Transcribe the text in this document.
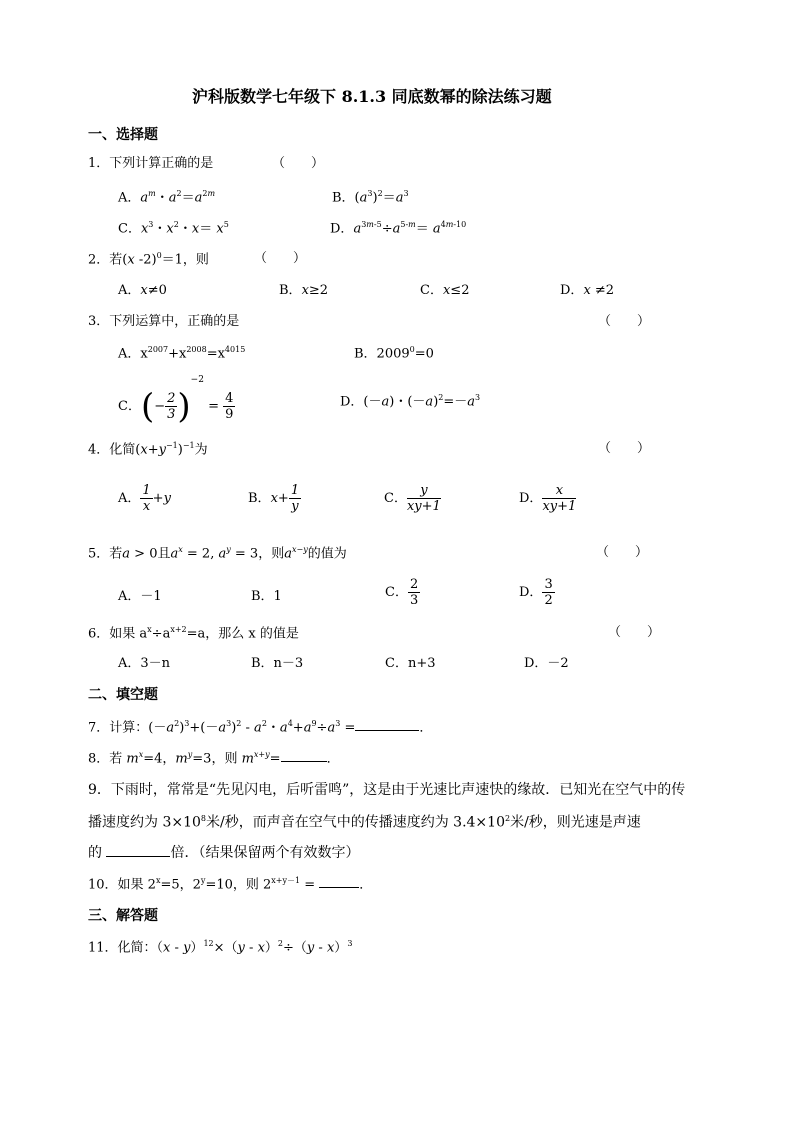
沪科版数学七年级下 8.1.3 同底数幂的除法练习题
一、选择题
1．下列计算正确的是	（　　）
A．$a^m$・$a^2=a^{2m}$	B．$(a^3)^2=a^3$
C．$x^3$・$x^2$・$x= x^5$	D．$a^{3m-5}\div a^{5-m}= a^{4m-10}$
2．若(x -2)$^0$＝1，则	（　　）
A．x≠0	B．x≥2	C．x≤2	D．x ≠2
3．下列运算中，正确的是	（　　）
A．$x^{2007}+x^{2008}=x^{4015}$	B．$2009^0=0$
C．(− $\frac{2}{3} )^{-2} = \frac{4}{9}$	D．(－a)・$(-a)^2=-a^3$
4．化简$(x+y^{-1})^{-1}$为	（　　）
A． $\frac{1}{x} +y$	B．$x+ \frac{1}{y}$	C． $\frac{y}{xy+1}$	D． $\frac{x}{xy+1}$
5．若a > 0且$a^x = 2$, $a^y = 3$，则$a^{x-y}$的值为	（　　）
A．－1	B．1	C． $\frac{2}{3}$	D． $\frac{3}{2}$
6．如果 $a^x\div a^{x+2}=a$，那么 x 的值是	（　　）
A．3－n	B．n－3	C．n+3	D．－2
二、填空题
7．计算：$(-a^2)^3+(-a^3)^2 - a^2$・$a^4+a^9\div a^3$ =	．
8．若 $m^x=4$，$m^y=3$，则 $m^{x+y}=$	．
9．下雨时，常常是“先见闪电，后听雷鸣”，这是由于光速比声速快的缘故．已知光在空气中的传
播速度约为 $3\times 10^8$米/秒，而声音在空气中的传播速度约为 $3.4\times 10^2$米/秒，则光速是声速
的	倍．（结果保留两个有效数字）
10．如果 $2^x=5$，$2^y=10$，则 $2^{x+y-1}$ =	．
三、解答题
11．化简：（x - y）$^{12}$×（y - x）$^2$÷（y - x）$^3$
